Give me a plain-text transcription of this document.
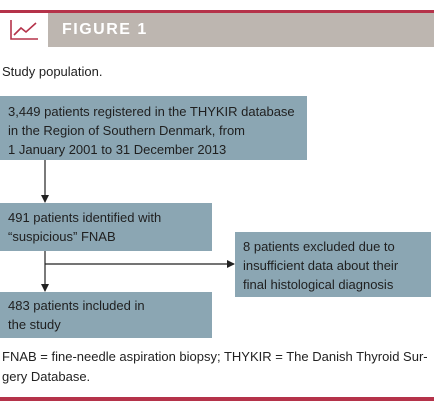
FIGURE 1
Study population.
3,449 patients registered in the THYKIR database
in the Region of Southern Denmark, from
1 January 2001 to 31 December 2013
491 patients identified with
“suspicious” FNAB
8 patients excluded due to
insufficient data about their
final histological diagnosis
483 patients included in
the study
FNAB = fine-needle aspiration biopsy; THYKIR = The Danish Thyroid Sur-
gery Database.
